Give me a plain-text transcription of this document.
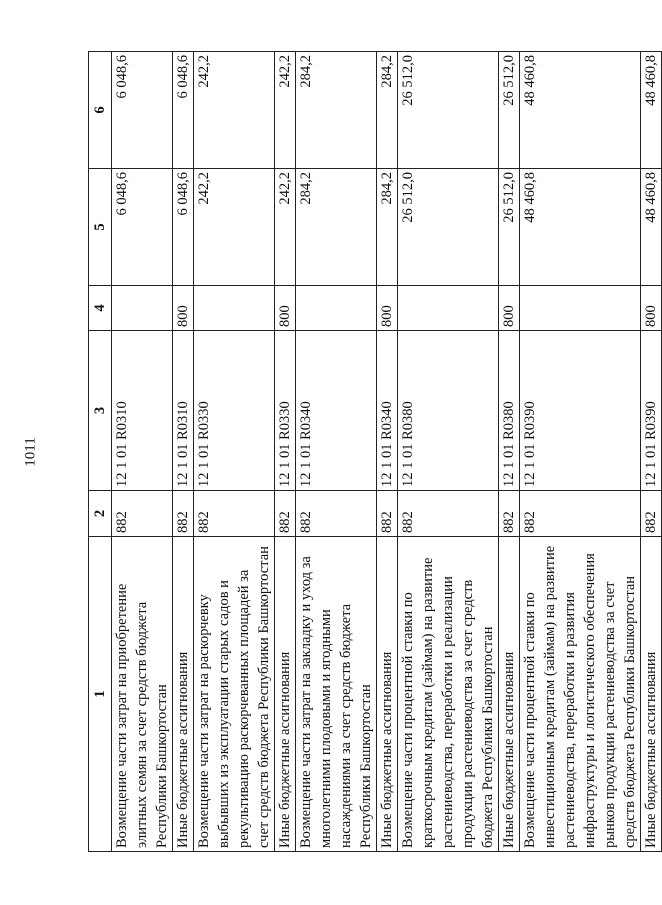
1011
1	2	3	4	5	6
Возмещение части затрат на приобретение элитных семян за счет средств бюджета Республики Башкортостан	882	12 1 01 R0310		6 048,6	6 048,6
Иные бюджетные ассигнования	882	12 1 01 R0310	800	6 048,6	6 048,6
Возмещение части затрат на раскорчевку выбывших из эксплуатации старых садов и рекультивацию раскорчеванных площадей за счет средств бюджета Республики Башкортостан	882	12 1 01 R0330		242,2	242,2
Иные бюджетные ассигнования	882	12 1 01 R0330	800	242,2	242,2
Возмещение части затрат на закладку и уход за многолетними плодовыми и ягодными насаждениями за счет средств бюджета Республики Башкортостан	882	12 1 01 R0340		284,2	284,2
Иные бюджетные ассигнования	882	12 1 01 R0340	800	284,2	284,2
Возмещение части процентной ставки по краткосрочным кредитам (займам) на развитие растениеводства, переработки и реализации продукции растениеводства за счет средств бюджета Республики Башкортостан	882	12 1 01 R0380		26 512,0	26 512,0
Иные бюджетные ассигнования	882	12 1 01 R0380	800	26 512,0	26 512,0
Возмещение части процентной ставки по инвестиционным кредитам (займам) на развитие растениеводства, переработки и развития инфраструктуры и логистического обеспечения рынков продукции растениеводства за счет средств бюджета Республики Башкортостан	882	12 1 01 R0390		48 460,8	48 460,8
Иные бюджетные ассигнования	882	12 1 01 R0390	800	48 460,8	48 460,8
